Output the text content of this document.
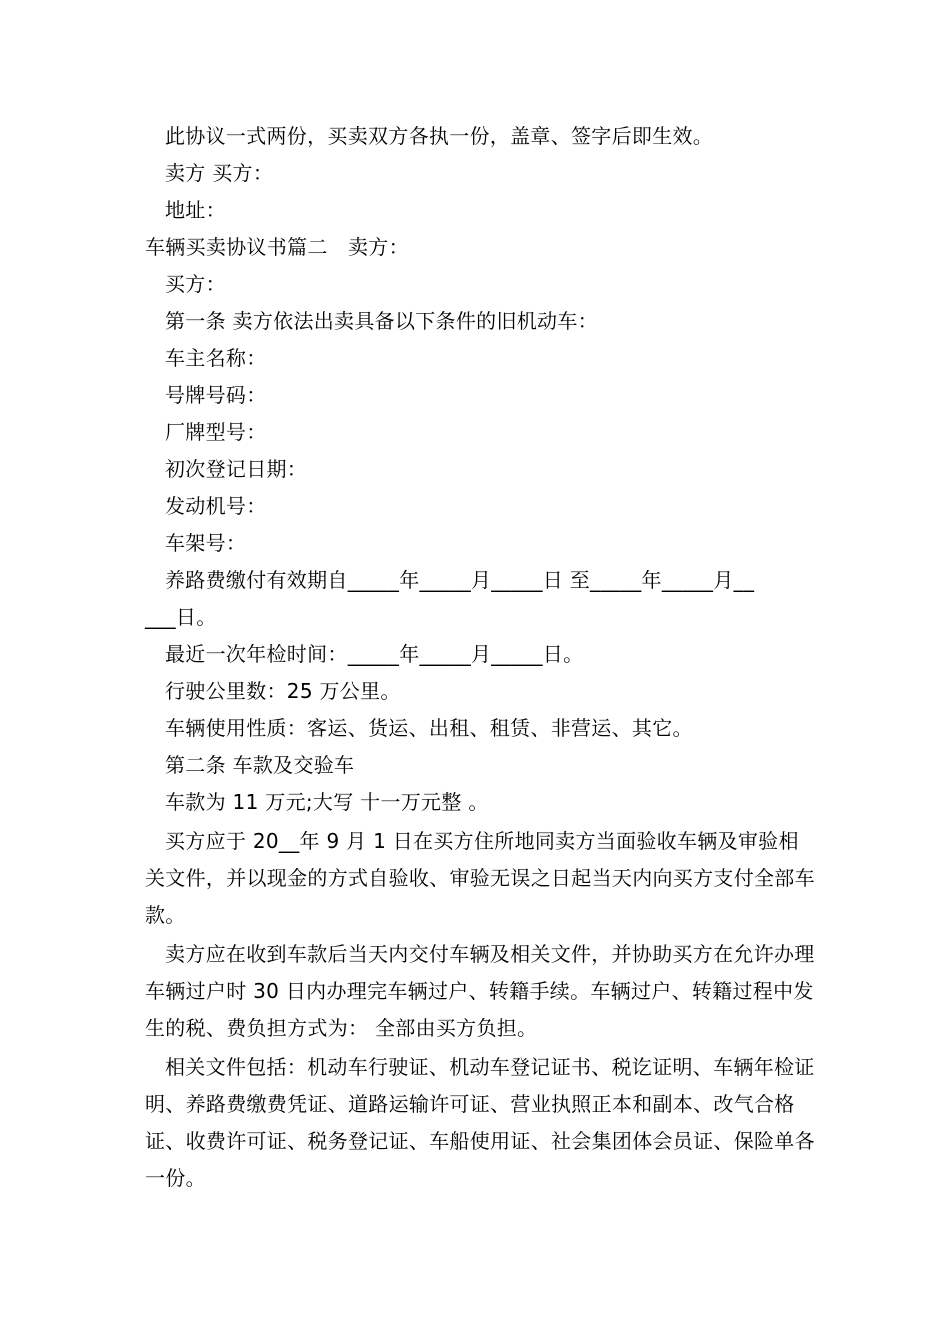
此协议一式两份，买卖双方各执一份，盖章、签字后即生效。
卖方 买方：
地址：
车辆买卖协议书篇二　卖方：
买方：
第一条 卖方依法出卖具备以下条件的旧机动车：
车主名称：
号牌号码：
厂牌型号：
初次登记日期：
发动机号：
车架号：
养路费缴付有效期自_____年_____月_____日 至_____年_____月__
___日。
最近一次年检时间：_____年_____月_____日。
行驶公里数：25 万公里。
车辆使用性质：客运、货运、出租、租赁、非营运、其它。
第二条 车款及交验车
车款为 11 万元;大写 十一万元整 。
买方应于 20__年 9 月 1 日在买方住所地同卖方当面验收车辆及审验相关文件，并以现金的方式自验收、审验无误之日起当天内向买方支付全部车款。
卖方应在收到车款后当天内交付车辆及相关文件，并协助买方在允许办理车辆过户时 30 日内办理完车辆过户、转籍手续。车辆过户、转籍过程中发生的税、费负担方式为： 全部由买方负担。
相关文件包括：机动车行驶证、机动车登记证书、税讫证明、车辆年检证明、养路费缴费凭证、道路运输许可证、营业执照正本和副本、改气合格证、收费许可证、税务登记证、车船使用证、社会集团体会员证、保险单各一份。
